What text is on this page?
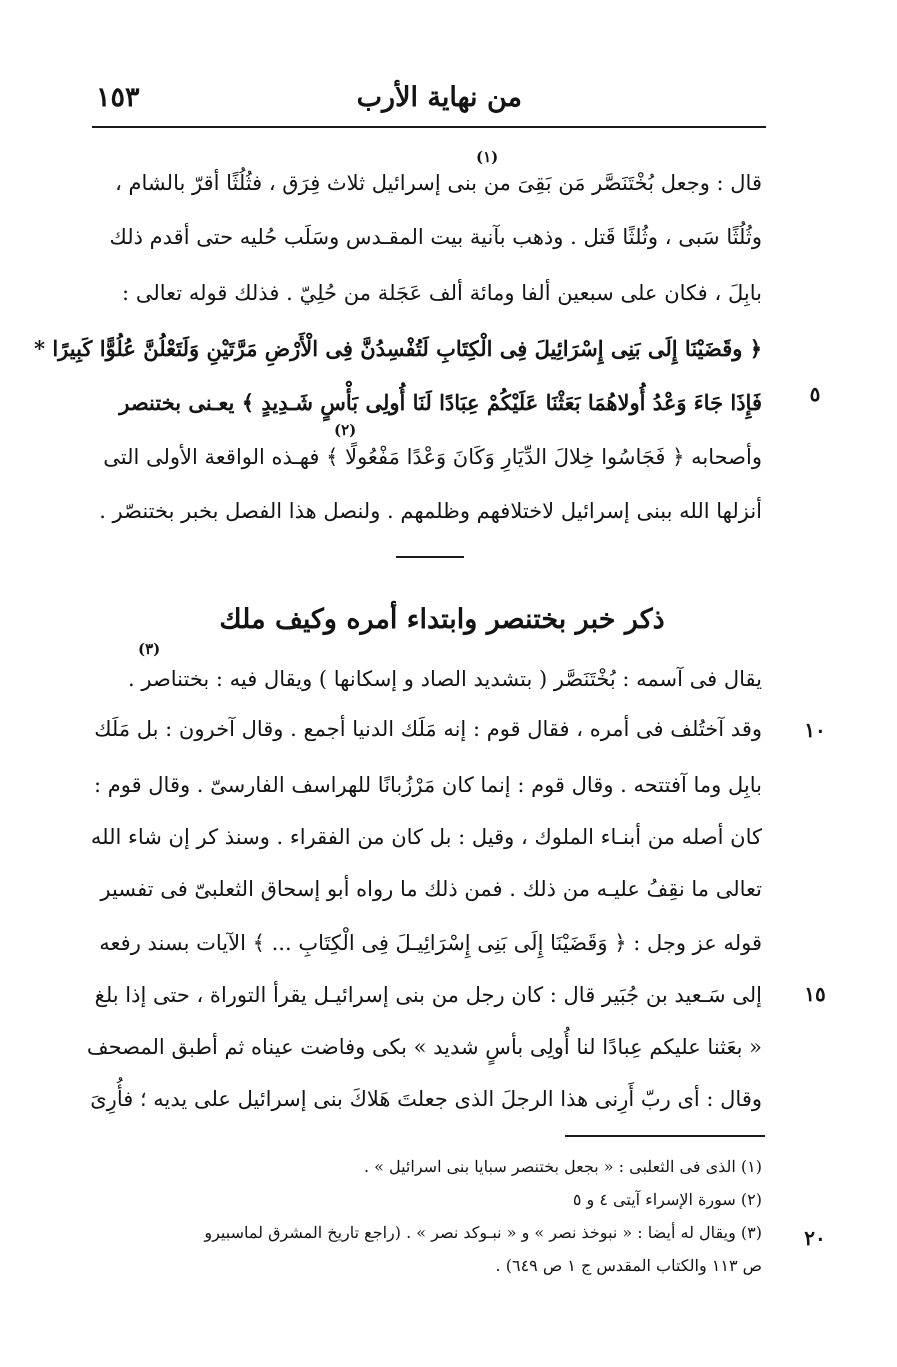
من نهاية الأرب
١٥٣
قال : وجعل بُخْتَنَصَّر مَن بَقِىَ من بنى إسرائيل ثلاث فِرَق ، فثُلُثًا أقرّ بالشام ،
وثُلُثًا سَبى ، وثُلثًا قَتل . وذهب بآنية بيت المقـدس وسَلَب حُليه حتى أقدم ذلك
بابِلَ ، فكان على سبعين ألفا ومائة ألف عَجَلة من حُلِيّ . فذلك قوله تعالى :
﴿ وقَضَيْنَا إِلَى بَنِى إِسْرَائِيلَ فِى الْكِتَابِ لَتُفْسِدُنَّ فِى الْأَرْضِ مَرَّتَيْنِ وَلَتَعْلُنَّ عُلُوًّا كَبِيرًا *
فَإِذَا جَاءَ وَعْدُ أُولاهُمَا بَعَثْنَا عَلَيْكُمْ عِبَادًا لَنَا أُولِى بَأْسٍ شَـدِيدٍ ﴾ يعـنى بختنصر
وأصحابه ﴿ فَجَاسُوا خِلالَ الدِّيَارِ وَكَانَ وَعْدًا مَفْعُولًا ﴾ فهـذه الواقعة الأولى التى
أنزلها الله ببنى إسرائيل لاختلافهم وظلمهم . ولنصل هذا الفصل بخبر بختنصّر .
(١)
(٢)
٥
ذكر خبر بختنصر وابتداء أمره وكيف ملك
(٣)
يقال فى آسمه : بُخْتَنَصَّر ( بتشديد الصاد و إسكانها ) ويقال فيه : بختناصر .
وقد آختُلف فى أمره ، فقال قوم : إنه مَلَك الدنيا أجمع . وقال آخرون : بل مَلَك
بابِل وما آفتتحه . وقال قوم : إنما كان مَرْزُبانًا للهراسف الفارسىّ . وقال قوم :
كان أصله من أبنـاء الملوك ، وقيل : بل كان من الفقراء . وسنذ كر إن شاء الله
تعالى ما نقِفُ عليـه من ذلك . فمن ذلك ما رواه أبو إسحاق الثعلبىّ فى تفسير
قوله عز وجل : ﴿ وَقَضَيْنَا إِلَى بَنِى إِسْرَائِيـلَ فِى الْكِتَابِ ... ﴾ الآيات بسند رفعه
إلى سَـعيد بن جُبَير قال : كان رجل من بنى إسرائيـل يقرأ التوراة ، حتى إذا بلغ
« بعَثنا عليكم عِبادًا لنا أُولِى بأسٍ شديد » بكى وفاضت عيناه ثم أطبق المصحف
وقال : أى ربّ أَرِنى هذا الرجلَ الذى جعلتَ هَلاكَ بنى إسرائيل على يديه ؛ فأُرِىَ
١٠
١٥
(١) الذى فى الثعلبى : « بجعل بختنصر سبايا بنى اسرائيل » .
(٢) سورة الإسراء آيتى ٤ و ٥
(٣) ويقال له أيضا : « نبوخذ نصر » و « نبـوكد نصر » . (راجع تاريخ المشرق لماسبيرو
ص ١١٣ والكتاب المقدس ج ١ ص ٦٤٩) .
٢٠
